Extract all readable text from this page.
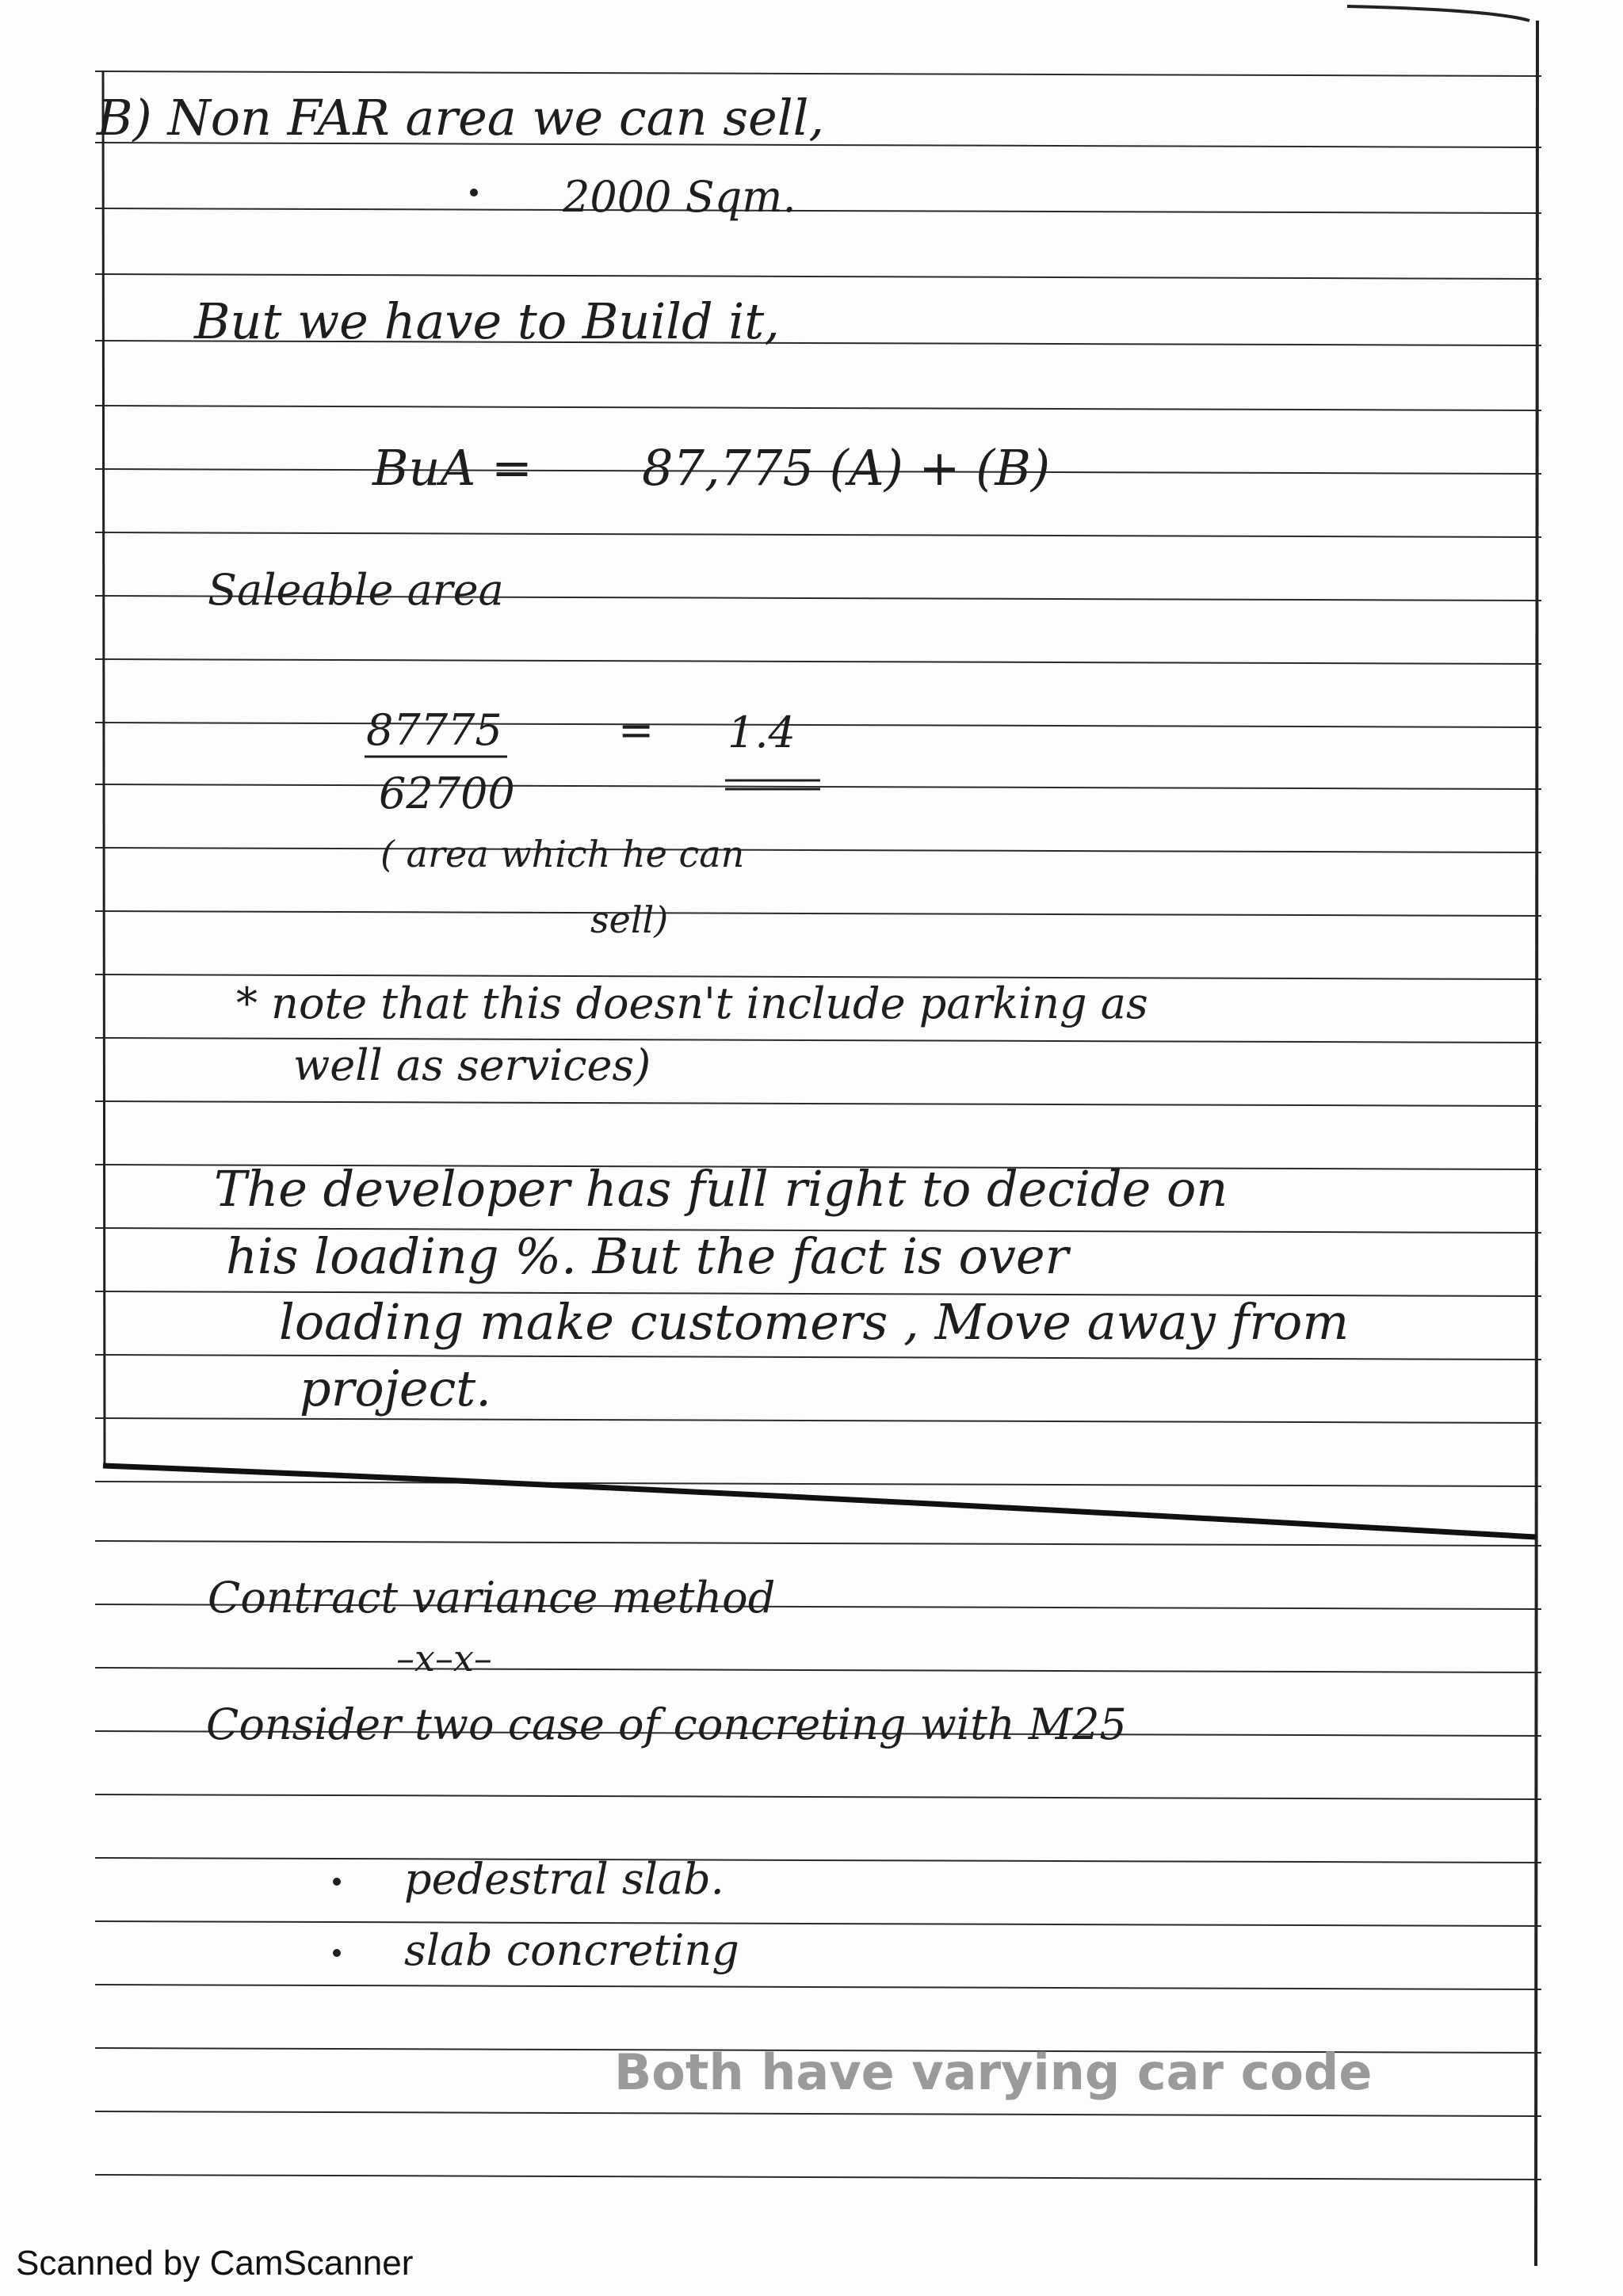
B) Non FAR area we can sell,
2000 Sqm.
But we have to Build it,
BuA = 87,775 (A) + (B)
Saleable area
87775	= 1.4
62700
( area which he can
sell)
* note that this doesn't include parking as
well as services)
The developer has full right to decide on
his loading %. But the fact is over
loading make customers , Move away from
project.
Contract variance method
–x–x–
Consider two case of concreting with M25
pedestral slab.
slab concreting
Both have varying car code
Scanned by CamScanner
